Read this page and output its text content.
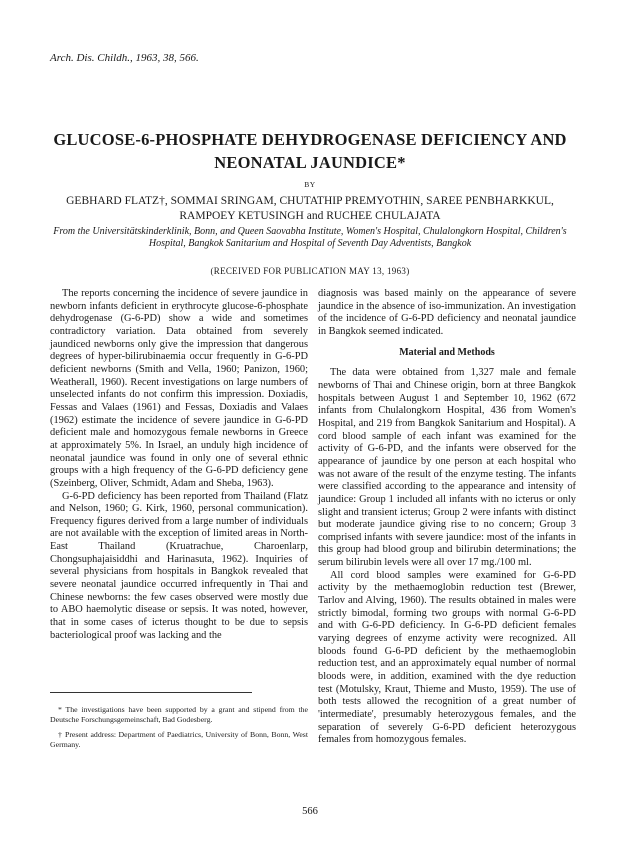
Arch. Dis. Childh., 1963, 38, 566.
GLUCOSE-6-PHOSPHATE DEHYDROGENASE DEFICIENCY AND NEONATAL JAUNDICE*
BY

GEBHARD FLATZ†, SOMMAI SRINGAM, CHUTATHIP PREMYOTHIN, SAREE PENBHARKKUL, RAMPOEY KETUSINGH and RUCHEE CHULAJATA

From the Universitätskinderklinik, Bonn, and Queen Saovabha Institute, Women's Hospital, Chulalongkorn Hospital, Children's Hospital, Bangkok Sanitarium and Hospital of Seventh Day Adventists, Bangkok

(RECEIVED FOR PUBLICATION MAY 13, 1963)

The reports concerning the incidence of severe jaundice in newborn infants deficient in erythrocyte glucose-6-phosphate dehydrogenase (G-6-PD) show a wide and sometimes contradictory variation. Data obtained from severely jaundiced newborns only give the impression that dangerous degrees of hyper-bilirubinaemia occur frequently in G-6-PD deficient newborns (Smith and Vella, 1960; Panizon, 1960; Weatherall, 1960). Recent investigations on large numbers of unselected infants do not confirm this impression. Doxiadis, Fessas and Valaes (1961) and Fessas, Doxiadis and Valaes (1962) estimate the incidence of severe jaundice in G-6-PD deficient male and homozygous female newborns in Greece at approximately 5%. In Israel, an unduly high incidence of neonatal jaundice was found in only one of several ethnic groups with a high frequency of the G-6-PD deficiency gene (Szeinberg, Oliver, Schmidt, Adam and Sheba, 1963).

G-6-PD deficiency has been reported from Thailand (Flatz and Nelson, 1960; G. Kirk, 1960, personal communication). Frequency figures derived from a large number of individuals are not available with the exception of limited areas in North-East Thailand (Kruatrachue, Charoenlarp, Chongsuphajaisiddhi and Harinasuta, 1962). Inquiries of several physicians from hospitals in Bangkok revealed that severe neonatal jaundice occurred infrequently in Thai and Chinese newborns: the few cases observed were mostly due to ABO haemolytic disease or sepsis. It was noted, however, that in some cases of icterus thought to be due to sepsis bacteriological proof was lacking and the

* The investigations have been supported by a grant and stipend from the Deutsche Forschungsgemeinschaft, Bad Godesberg.

† Present address: Department of Paediatrics, University of Bonn, Bonn, West Germany.

diagnosis was based mainly on the appearance of severe jaundice in the absence of iso-immunization. An investigation of the incidence of G-6-PD deficiency and neonatal jaundice in Bangkok seemed indicated.

Material and Methods

The data were obtained from 1,327 male and female newborns of Thai and Chinese origin, born at three Bangkok hospitals between August 1 and September 10, 1962 (672 infants from Chulalongkorn Hospital, 436 from Women's Hospital, and 219 from Bangkok Sanitarium and Hospital). A cord blood sample of each infant was examined for the activity of G-6-PD, and the infants were observed for the appearance of jaundice by one person at each hospital who was not aware of the result of the enzyme testing. The infants were classified according to the appearance and intensity of jaundice: Group 1 included all infants with no icterus or only slight and transient icterus; Group 2 were infants with distinct but moderate jaundice giving rise to no concern; Group 3 comprised infants with severe jaundice: most of the infants in this group had blood group and bilirubin determinations; the serum bilirubin levels were all over 17 mg./100 ml.

All cord blood samples were examined for G-6-PD activity by the methaemoglobin reduction test (Brewer, Tarlov and Alving, 1960). The results obtained in males were strictly bimodal, forming two groups with normal G-6-PD and with G-6-PD deficiency. In G-6-PD deficient females varying degrees of enzyme activity were recognized. All bloods found G-6-PD deficient by the methaemoglobin reduction test, and an approximately equal number of normal bloods were, in addition, examined with the dye reduction test (Motulsky, Kraut, Thieme and Musto, 1959). The use of both tests allowed the recognition of a great number of 'intermediate', presumably heterozygous females, and the separation of severely G-6-PD deficient heterozygous females from homozygous females.

566
